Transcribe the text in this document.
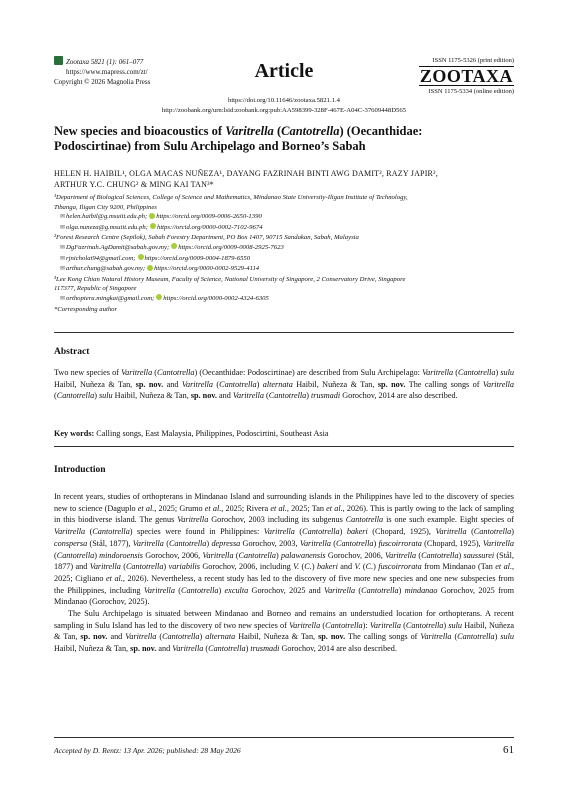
Zootaxa 5821 (1): 061–077
https://www.mapress.com/zt/
Copyright © 2026 Magnolia Press	Article	ISSN 1175-5326 (print edition)
ZOOTAXA
ISSN 1175-5334 (online edition)
https://doi.org/10.11646/zootaxa.5821.1.4
http://zoobank.org/urn:lsid:zoobank.org:pub:AA598399-328F-467E-A04C-37609448D565
New species and bioacoustics of Varitrella (Cantotrella) (Oecanthidae:
Podoscirtinae) from Sulu Archipelago and Borneo’s Sabah
HELEN H. HAIBIL¹, OLGA MACAS NUÑEZA¹, DAYANG FAZRINAH BINTI AWG DAMIT², RAZY JAPIR²,
ARTHUR Y.C. CHUNG² & MING KAI TAN³*
¹Department of Biological Sciences, College of Science and Mathematics, Mindanao State University-Iligan Institute of Technology,
Tibanga, Iligan City 9200, Philippines
✉helen.haibil@g.msuiit.edu.ph; https://orcid.org/0009-0006-2650-1390
✉olga.nuneza@g.msuiit.edu.ph; https://orcid.org/0000-0002-7102-9674
²Forest Research Centre (Sepilok), Sabah Forestry Department, PO Box 1407, 90715 Sandakan, Sabah, Malaysia
✉DgFazrinah.AgDamit@sabah.gov.my; https://orcid.org/0009-0008-2925-7623
✉rjnicholai94@gmail.com; https://orcid.org/0009-0004-1879-6550
✉arthur.chung@sabah.gov.my; https://orcid.org/0000-0002-9529-4114
³Lee Kong Chian Natural History Museum, Faculty of Science, National University of Singapore, 2 Conservatory Drive, Singapore
117377, Republic of Singapore
✉orthoptera.mingkai@gmail.com; https://orcid.org/0000-0002-4324-6305
*Corresponding author
Abstract
Two new species of Varitrella (Cantotrella) (Oecanthidae: Podoscirtinae) are described from Sulu Archipelago: Varitrella (Cantotrella) sulu Haibil, Nuñeza & Tan, sp. nov. and Varitrella (Cantotrella) alternata Haibil, Nuñeza & Tan, sp. nov. The calling songs of Varitrella (Cantotrella) sulu Haibil, Nuñeza & Tan, sp. nov. and Varitrella (Cantotrella) trusmadi Gorochov, 2014 are also described.
Key words: Calling songs, East Malaysia, Philippines, Podoscirtini, Southeast Asia
Introduction

In recent years, studies of orthopterans in Mindanao Island and surrounding islands in the Philippines have led to the discovery of species new to science (Daguplo et al., 2025; Grumo et al., 2025; Rivera et al., 2025; Tan et al., 2026). This is partly owing to the lack of sampling in this biodiverse island. The genus Varitrella Gorochov, 2003 including its subgenus Cantotrella is one such example. Eight species of Varitrella (Cantotrella) species were found in Philippines: Varitrella (Cantotrella) bakeri (Chopard, 1925), Varitrella (Cantotrella) conspersa (Stål, 1877), Varitrella (Cantotrella) depressa Gorochov, 2003, Varitrella (Cantotrella) fuscoirrorata (Chopard, 1925), Varitrella (Cantotrella) mindoroensis Gorochov, 2006, Varitrella (Cantotrella) palawanensis Gorochov, 2006, Varitrella (Cantotrella) saussurei (Stål, 1877) and Varitrella (Cantotrella) variabilis Gorochov, 2006, including V. (C.) bakeri and V. (C.) fuscoirrorata from Mindanao (Tan et al., 2025; Cigliano et al., 2026). Nevertheless, a recent study has led to the discovery of five more new species and one new subspecies from the Philippines, including Varitrella (Cantotrella) exculta Gorochov, 2025 and Varitrella (Cantotrella) mindanao Gorochov, 2025 from Mindanao (Gorochov, 2025).

The Sulu Archipelago is situated between Mindanao and Borneo and remains an understudied location for orthopterans. A recent sampling in Sulu Island has led to the discovery of two new species of Varitrella (Cantotrella): Varitrella (Cantotrella) sulu Haibil, Nuñeza & Tan, sp. nov. and Varitrella (Cantotrella) alternata Haibil, Nuñeza & Tan, sp. nov. The calling songs of Varitrella (Cantotrella) sulu Haibil, Nuñeza & Tan, sp. nov. and Varitrella (Cantotrella) trusmadi Gorochov, 2014 are also described.

Accepted by D. Rentz: 13 Apr. 2026; published: 28 May 2026	61
